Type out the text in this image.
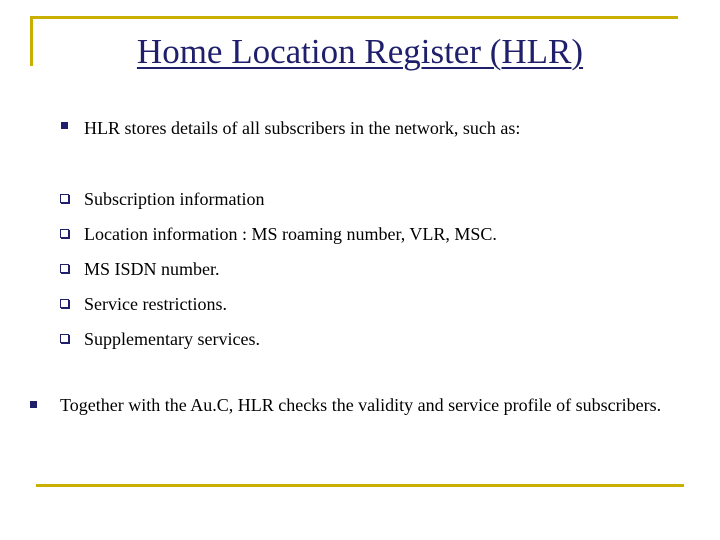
Home Location Register (HLR)
HLR stores details of all subscribers in the network, such as:
Subscription information
Location information : MS roaming number, VLR, MSC.
MS ISDN number.
Service restrictions.
Supplementary services.
Together with the Au.C, HLR checks the validity and service profile of subscribers.
